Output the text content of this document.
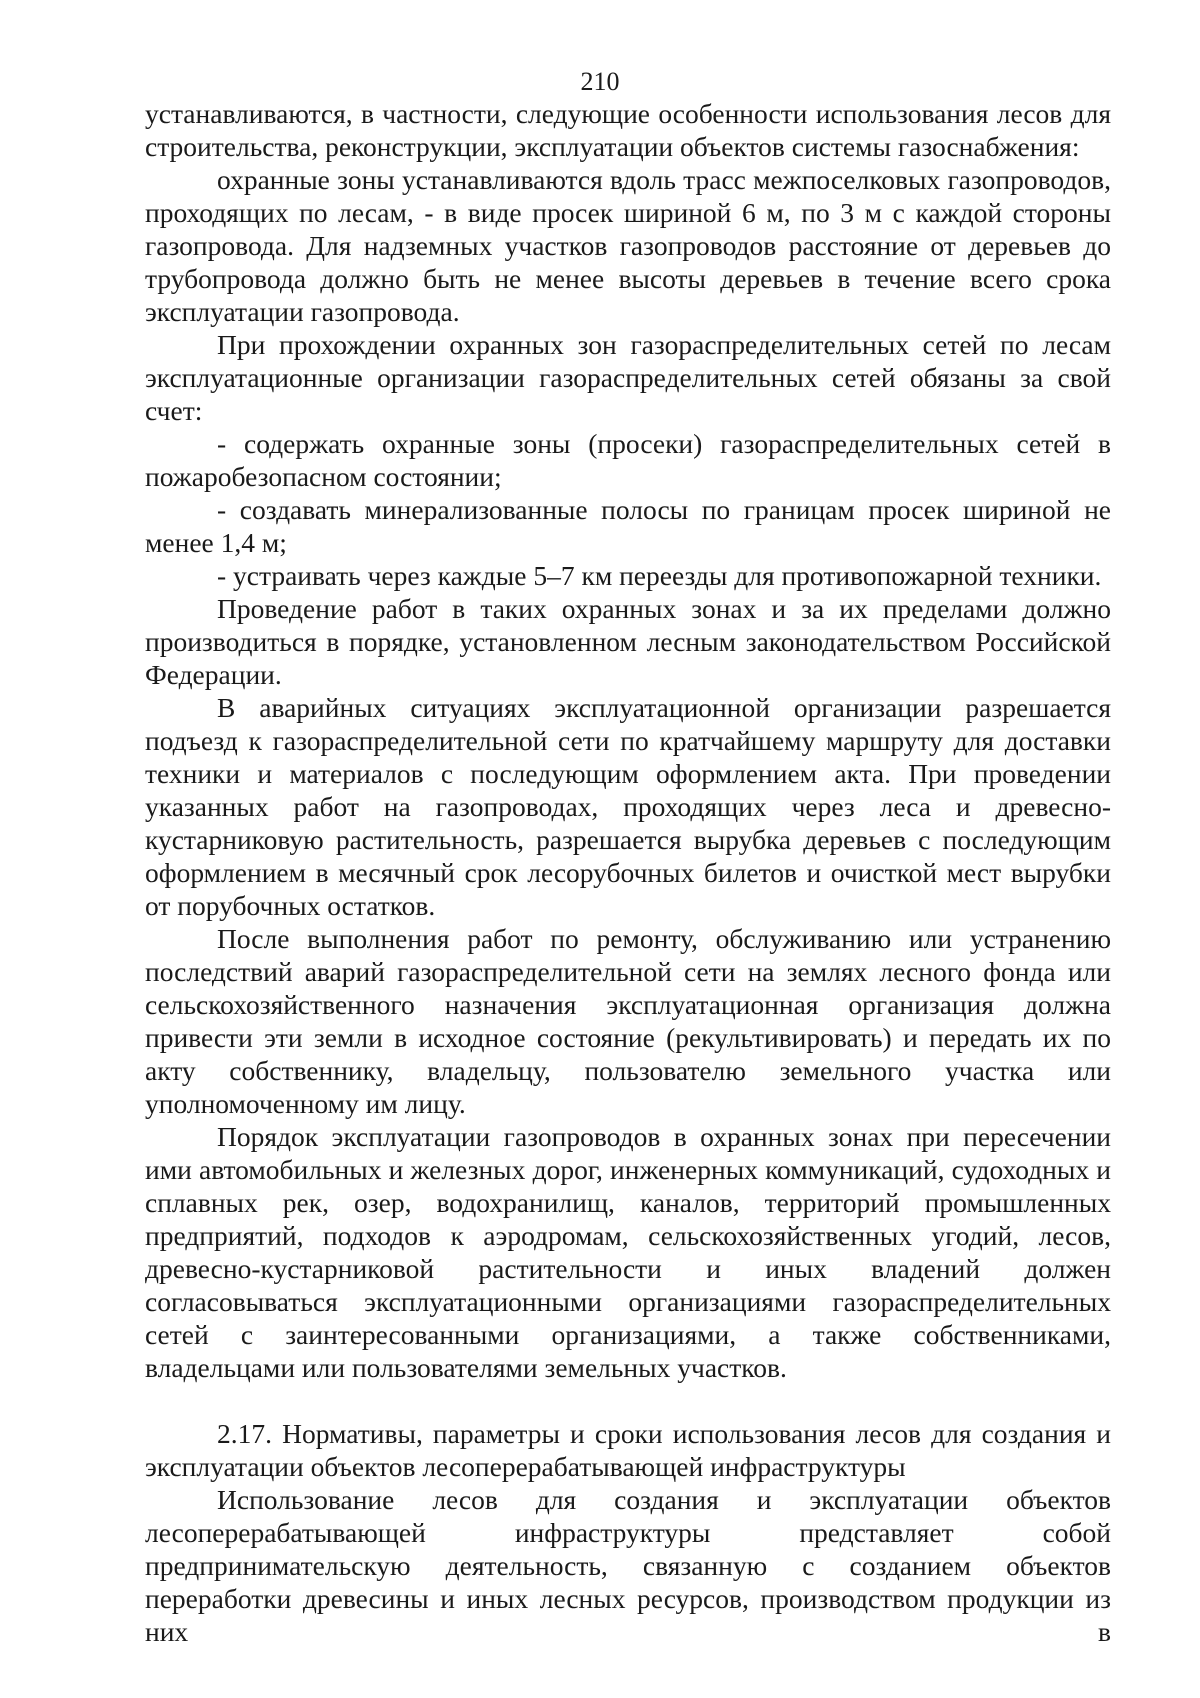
210

устанавливаются, в частности, следующие особенности использования лесов для строительства, реконструкции, эксплуатации объектов системы газоснабжения:

охранные зоны устанавливаются вдоль трасс межпоселковых газопроводов, проходящих по лесам, - в виде просек шириной 6 м, по 3 м с каждой стороны газопровода. Для надземных участков газопроводов расстояние от деревьев до трубопровода должно быть не менее высоты деревьев в течение всего срока эксплуатации газопровода.

При прохождении охранных зон газораспределительных сетей по лесам эксплуатационные организации газораспределительных сетей обязаны за свой счет:

- содержать охранные зоны (просеки) газораспределительных сетей в пожаробезопасном состоянии;

- создавать минерализованные полосы по границам просек шириной не менее 1,4 м;

- устраивать через каждые 5–7 км переезды для противопожарной техники.

Проведение работ в таких охранных зонах и за их пределами должно производиться в порядке, установленном лесным законодательством Российской Федерации.

В аварийных ситуациях эксплуатационной организации разрешается подъезд к газораспределительной сети по кратчайшему маршруту для доставки техники и материалов с последующим оформлением акта. При проведении указанных работ на газопроводах, проходящих через леса и древесно-кустарниковую растительность, разрешается вырубка деревьев с последующим оформлением в месячный срок лесорубочных билетов и очисткой мест вырубки от порубочных остатков.

После выполнения работ по ремонту, обслуживанию или устранению последствий аварий газораспределительной сети на землях лесного фонда или сельскохозяйственного назначения эксплуатационная организация должна привести эти земли в исходное состояние (рекультивировать) и передать их по акту собственнику, владельцу, пользователю земельного участка или уполномоченному им лицу.

Порядок эксплуатации газопроводов в охранных зонах при пересечении ими автомобильных и железных дорог, инженерных коммуникаций, судоходных и сплавных рек, озер, водохранилищ, каналов, территорий промышленных предприятий, подходов к аэродромам, сельскохозяйственных угодий, лесов, древесно-кустарниковой растительности и иных владений должен согласовываться эксплуатационными организациями газораспределительных сетей с заинтересованными организациями, а также собственниками, владельцами или пользователями земельных участков.

2.17. Нормативы, параметры и сроки использования лесов для создания и эксплуатации объектов лесоперерабатывающей инфраструктуры

Использование лесов для создания и эксплуатации объектов лесоперерабатывающей инфраструктуры представляет собой предпринимательскую деятельность, связанную с созданием объектов переработки древесины и иных лесных ресурсов, производством продукции из них в
